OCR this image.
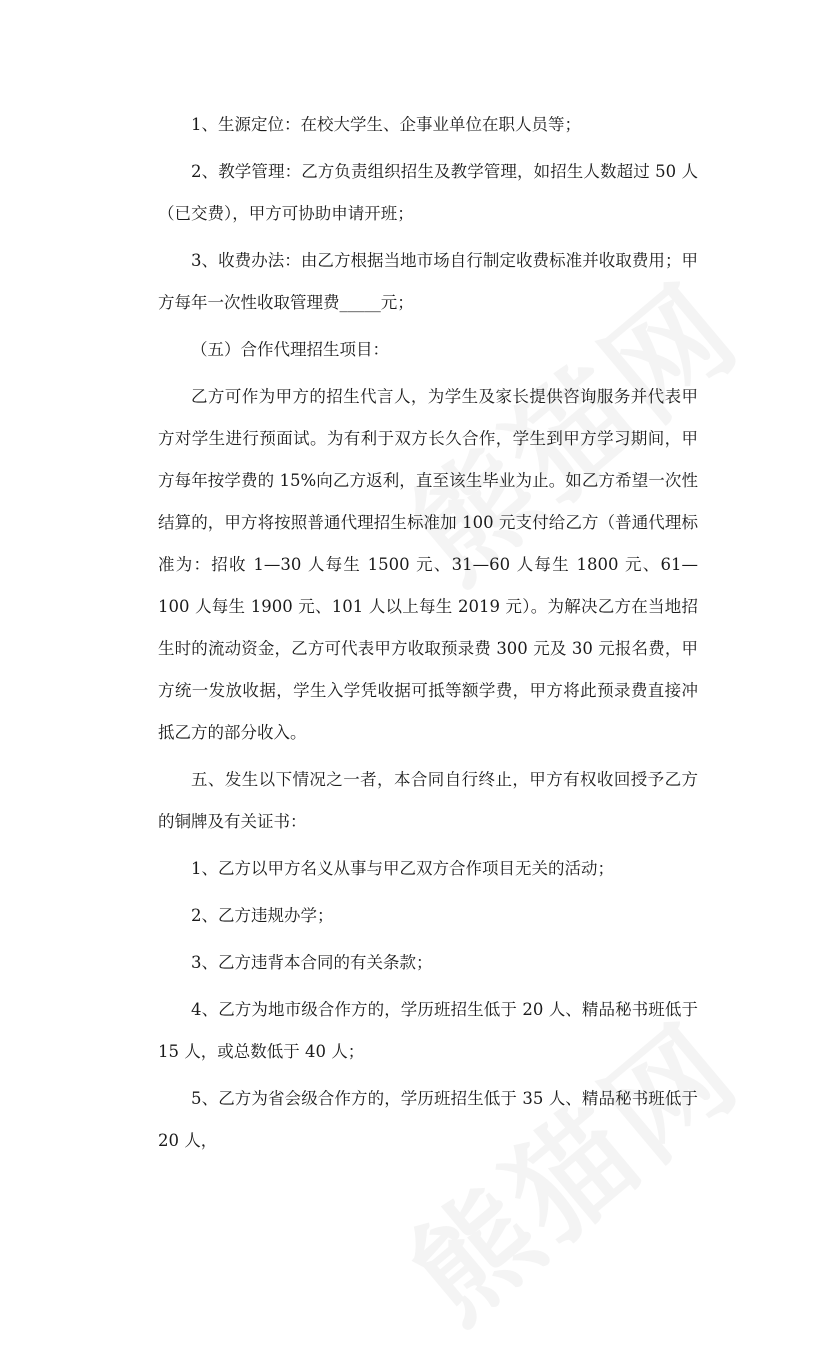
1、生源定位：在校大学生、企事业单位在职人员等；

2、教学管理：乙方负责组织招生及教学管理，如招生人数超过 50 人（已交费），甲方可协助申请开班；

3、收费办法：由乙方根据当地市场自行制定收费标准并收取费用；甲方每年一次性收取管理费_____元；

（五）合作代理招生项目：

乙方可作为甲方的招生代言人，为学生及家长提供咨询服务并代表甲方对学生进行预面试。为有利于双方长久合作，学生到甲方学习期间，甲方每年按学费的 15%向乙方返利，直至该生毕业为止。如乙方希望一次性结算的，甲方将按照普通代理招生标准加 100 元支付给乙方（普通代理标准为：招收 1—30 人每生 1500 元、31—60 人每生 1800 元、61—100 人每生 1900 元、101 人以上每生 2019 元）。为解决乙方在当地招生时的流动资金，乙方可代表甲方收取预录费 300 元及 30 元报名费，甲方统一发放收据，学生入学凭收据可抵等额学费，甲方将此预录费直接冲抵乙方的部分收入。

五、发生以下情况之一者，本合同自行终止，甲方有权收回授予乙方的铜牌及有关证书：

1、乙方以甲方名义从事与甲乙双方合作项目无关的活动；

2、乙方违规办学；

3、乙方违背本合同的有关条款；

4、乙方为地市级合作方的，学历班招生低于 20 人、精品秘书班低于 15 人，或总数低于 40 人；

5、乙方为省会级合作方的，学历班招生低于 35 人、精品秘书班低于 20 人，
